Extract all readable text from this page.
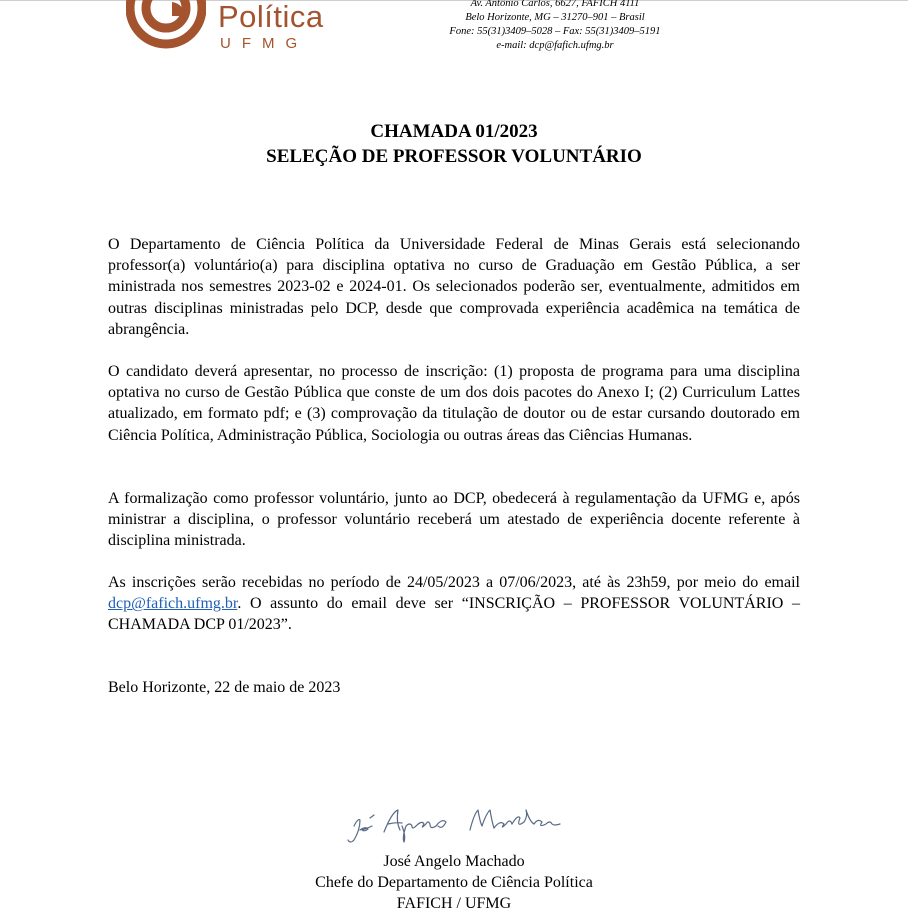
Política
UFMG
Av. Antônio Carlos, 6627, FAFICH 4111
Belo Horizonte, MG – 31270–901 – Brasil
Fone: 55(31)3409–5028 – Fax: 55(31)3409–5191
e-mail: dcp@fafich.ufmg.br
CHAMADA 01/2023
SELEÇÃO DE PROFESSOR VOLUNTÁRIO
O Departamento de Ciência Política da Universidade Federal de Minas Gerais está selecionando professor(a) voluntário(a) para disciplina optativa no curso de Graduação em Gestão Pública, a ser ministrada nos semestres 2023-02 e 2024-01. Os selecionados poderão ser, eventualmente, admitidos em outras disciplinas ministradas pelo DCP, desde que comprovada experiência acadêmica na temática de abrangência.
O candidato deverá apresentar, no processo de inscrição: (1) proposta de programa para uma disciplina optativa no curso de Gestão Pública que conste de um dos dois pacotes do Anexo I; (2) Curriculum Lattes atualizado, em formato pdf; e (3) comprovação da titulação de doutor ou de estar cursando doutorado em Ciência Política, Administração Pública, Sociologia ou outras áreas das Ciências Humanas.
A formalização como professor voluntário, junto ao DCP, obedecerá à regulamentação da UFMG e, após ministrar a disciplina, o professor voluntário receberá um atestado de experiência docente referente à disciplina ministrada.
As inscrições serão recebidas no período de 24/05/2023 a 07/06/2023, até às 23h59, por meio do email dcp@fafich.ufmg.br. O assunto do email deve ser “INSCRIÇÃO – PROFESSOR VOLUNTÁRIO – CHAMADA DCP 01/2023”.
Belo Horizonte, 22 de maio de 2023
José Angelo Machado
Chefe do Departamento de Ciência Política
FAFICH / UFMG
